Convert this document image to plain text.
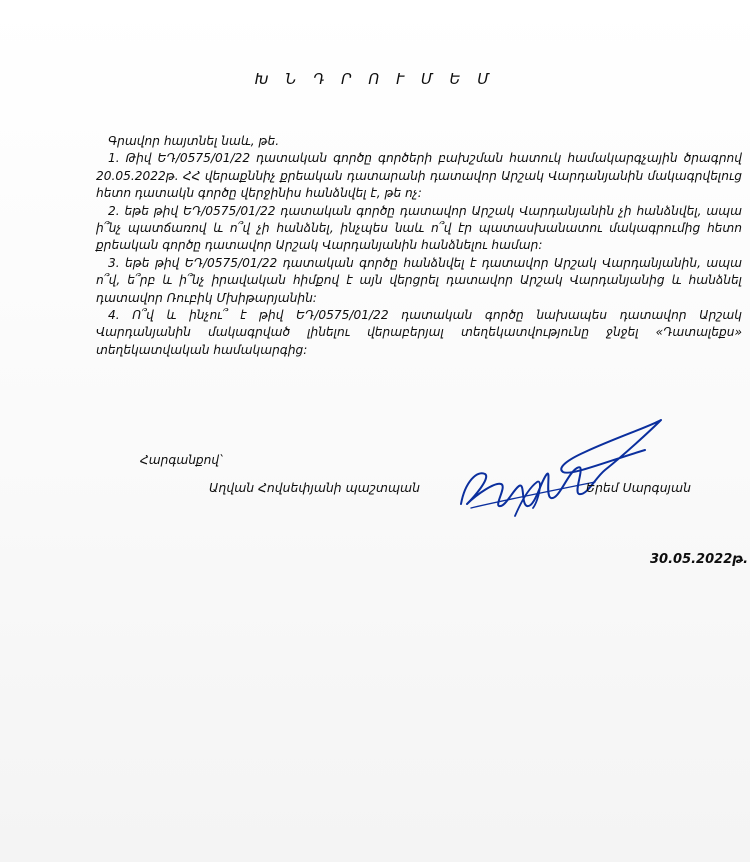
Խ Ն Դ Ր Ո Ւ Մ Ե Մ

Գրավոր հայտնել նաև, թե.

1. Թիվ ԵԴ/0575/01/22 դատական գործը գործերի բախշման հատուկ համակարգչային ծրագրով 20.05.2022թ. ՀՀ վերաքննիչ քրեական դատարանի դատավոր Արշակ Վարդանյանին մակագրվելուց հետո դատակն գործը վերջինիս հանձնվել է, թե ոչ:

2. եթե թիվ ԵԴ/0575/01/22 դատական գործը դատավոր Արշակ Վարդանյանին չի հանձնվել, ապա ի՞նչ պատճառով և ո՞վ չի հանձնել, ինչպես նաև ո՞վ էր պատասխանատու մակագրումից հետո քրեական գործը դատավոր Արշակ Վարդանյանին հանձնելու համար:

3. եթե թիվ ԵԴ/0575/01/22 դատական գործը հանձնվել է դատավոր Արշակ Վարդանյանին, ապա ո՞վ, ե՞րբ և ի՞նչ իրավական հիմքով է այն վերցրել դատավոր Արշակ Վարդանյանից և հանձնել դատավոր Ռուբիկ Մխիթարյանին:

4. Ո՞վ և ինչու՞ է թիվ ԵԴ/0575/01/22 դատական գործը նախապես դատավոր Արշակ Վարդանյանին մակագրված լինելու վերաբերյալ տեղեկատվությունը ջնջել «Դատալեքս» տեղեկատվական համակարգից:

Հարգանքով՝
Աղվան Հովսեփյանի պաշտպան	Երեմ Սարգսյան
30.05.2022թ.
